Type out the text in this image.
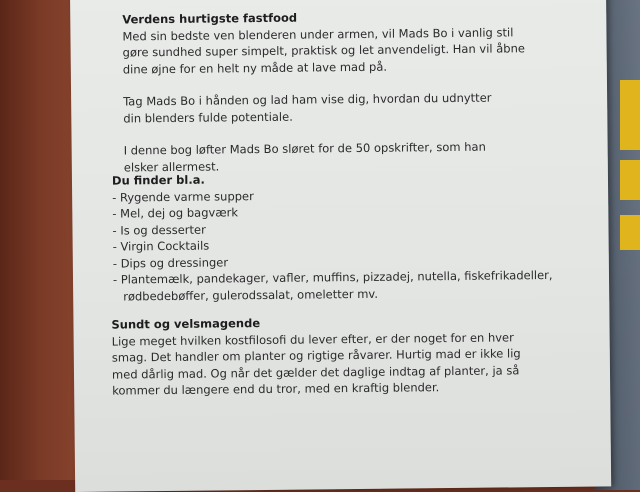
Verdens hurtigste fastfood

Med sin bedste ven blenderen under armen, vil Mads Bo i vanlig stil

gøre sundhed super simpelt, praktisk og let anvendeligt. Han vil åbne

dine øjne for en helt ny måde at lave mad på.

Tag Mads Bo i hånden og lad ham vise dig, hvordan du udnytter

din blenders fulde potentiale.

I denne bog løfter Mads Bo sløret for de 50 opskrifter, som han

elsker allermest.

Du finder bl.a.

- Rygende varme supper

- Mel, dej og bagværk

- Is og desserter

- Virgin Cocktails

- Dips og dressinger

- Plantemælk, pandekager, vafler, muffins, pizzadej, nutella, fiskefrikadeller,

rødbedebøffer, gulerodssalat, omeletter mv.

Sundt og velsmagende

Lige meget hvilken kostfilosofi du lever efter, er der noget for en hver

smag. Det handler om planter og rigtige råvarer. Hurtig mad er ikke lig

med dårlig mad. Og når det gælder det daglige indtag af planter, ja så

kommer du længere end du tror, med en kraftig blender.
